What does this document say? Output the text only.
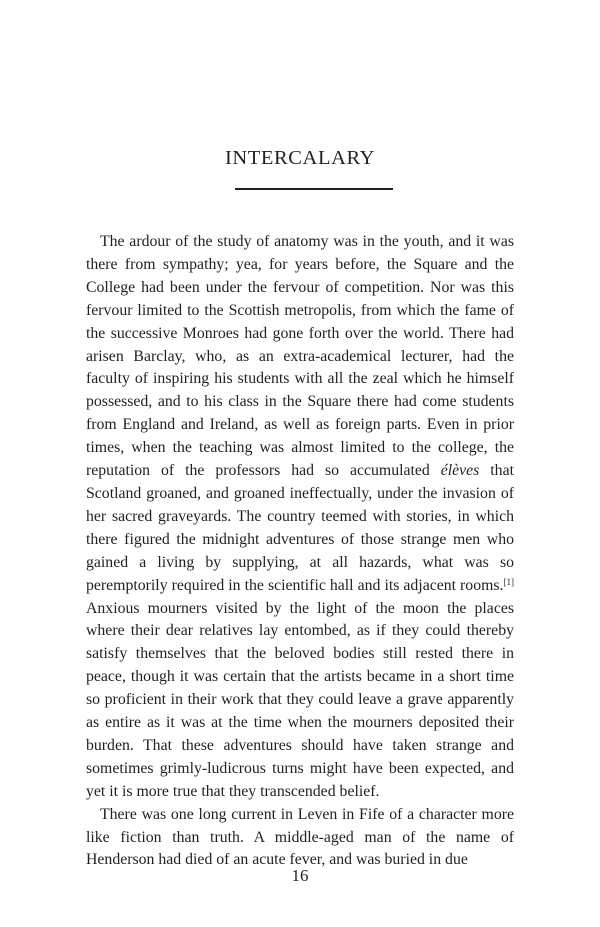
INTERCALARY

The ardour of the study of anatomy was in the youth, and it was there from sympathy; yea, for years before, the Square and the College had been under the fervour of competition. Nor was this fervour limited to the Scottish metropolis, from which the fame of the successive Monroes had gone forth over the world. There had arisen Barclay, who, as an extra-academical lecturer, had the faculty of inspiring his students with all the zeal which he himself possessed, and to his class in the Square there had come students from England and Ireland, as well as foreign parts. Even in prior times, when the teaching was almost limited to the college, the reputation of the professors had so accumulated élèves that Scotland groaned, and groaned ineffectually, under the invasion of her sacred graveyards. The country teemed with stories, in which there figured the midnight adventures of those strange men who gained a living by supplying, at all hazards, what was so peremptorily required in the scientific hall and its adjacent rooms.[1] Anxious mourners visited by the light of the moon the places where their dear relatives lay entombed, as if they could thereby satisfy themselves that the beloved bodies still rested there in peace, though it was certain that the artists became in a short time so proficient in their work that they could leave a grave apparently as entire as it was at the time when the mourners deposited their burden. That these adventures should have taken strange and sometimes grimly-ludicrous turns might have been expected, and yet it is more true that they transcended belief.

There was one long current in Leven in Fife of a character more like fiction than truth. A middle-aged man of the name of Henderson had died of an acute fever, and was buried in due

16
